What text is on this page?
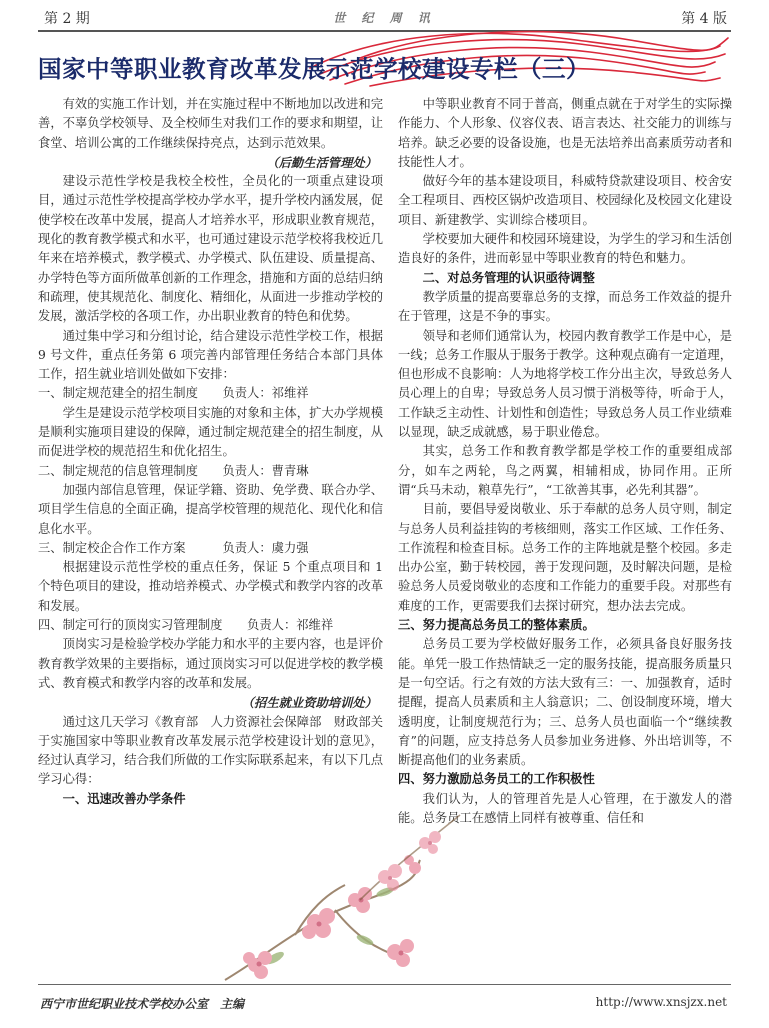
第 2 期	世 纪 周 讯	第 4 版
国家中等职业教育改革发展示范学校建设专栏（三）

有效的实施工作计划，并在实施过程中不断地加以改进和完善，不辜负学校领导、及全校师生对我们工作的要求和期望，让食堂、培训公寓的工作继续保持亮点，达到示范效果。

（后勤生活管理处）

建设示范性学校是我校全校性，全员化的一项重点建设项目，通过示范性学校提高学校办学水平，提升学校内涵发展，促使学校在改革中发展，提高人才培养水平，形成职业教育规范，现化的教育教学模式和水平，也可通过建设示范学校将我校近几年来在培养模式，教学模式、办学模式、队伍建设、质量提高、办学特色等方面所做革创新的工作理念，措施和方面的总结归纳和疏理，使其规范化、制度化、精细化，从面进一步推动学校的发展，激活学校的各项工作，办出职业教育的特色和优势。

通过集中学习和分组讨论，结合建设示范性学校工作，根据 9 号文件，重点任务第 6 项完善内部管理任务结合本部门具体工作，招生就业培训处做如下安排：

一、制定规范建全的招生制度　　负责人：祁维祥

学生是建设示范学校项目实施的对象和主体，扩大办学规模是顺利实施项目建设的保障，通过制定规范建全的招生制度，从而促进学校的规范招生和优化招生。

二、制定规范的信息管理制度　　负责人：曹青琳

加强内部信息管理，保证学籍、资助、免学费、联合办学、项目学生信息的全面正确，提高学校管理的规范化、现代化和信息化水平。

三、制定校企合作工作方案　　　负责人：虞力强

根据建设示范性学校的重点任务，保证 5 个重点项目和 1 个特色项目的建设，推动培养模式、办学模式和教学内容的改革和发展。

四、制定可行的顶岗实习管理制度　　负责人：祁维祥

顶岗实习是检验学校办学能力和水平的主要内容，也是评价教育教学效果的主要指标，通过顶岗实习可以促进学校的教学模式、教育模式和教学内容的改革和发展。

（招生就业资助培训处）

通过这几天学习《教育部　人力资源社会保障部　财政部关于实施国家中等职业教育改革发展示范学校建设计划的意见》，经过认真学习，结合我们所做的工作实际联系起来，有以下几点学习心得：

一、迅速改善办学条件

中等职业教育不同于普高，侧重点就在于对学生的实际操作能力、个人形象、仪容仪表、语言表达、社交能力的训练与培养。缺乏必要的设备设施，也是无法培养出高素质劳动者和技能性人才。

做好今年的基本建设项目，科威特贷款建设项目、校舍安全工程项目、西校区锅炉改造项目、校园绿化及校园文化建设项目、新建教学、实训综合楼项目。

学校要加大硬件和校园环境建设，为学生的学习和生活创造良好的条件，进而彰显中等职业教育的特色和魅力。

二、对总务管理的认识亟待调整

教学质量的提高要靠总务的支撑，而总务工作效益的提升在于管理，这是不争的事实。

领导和老师们通常认为，校园内教育教学工作是中心，是一线；总务工作服从于服务于教学。这种观点确有一定道理，但也形成不良影响：人为地将学校工作分出主次，导致总务人员心理上的自卑；导致总务人员习惯于消极等待，听命于人，工作缺乏主动性、计划性和创造性；导致总务人员工作业绩难以显现，缺乏成就感，易于职业倦怠。

其实，总务工作和教育教学都是学校工作的重要组成部分，如车之两轮，鸟之两翼，相辅相成，协同作用。正所谓“兵马未动，粮草先行”，“工欲善其事，必先利其器”。

目前，要倡导爱岗敬业、乐于奉献的总务人员守则，制定与总务人员利益挂钩的考核细则，落实工作区域、工作任务、工作流程和检查目标。总务工作的主阵地就是整个校园。多走出办公室，勤于转校园，善于发现问题，及时解决问题，是检验总务人员爱岗敬业的态度和工作能力的重要手段。对那些有难度的工作，更需要我们去探讨研究，想办法去完成。

三、努力提高总务员工的整体素质。

总务员工要为学校做好服务工作，必须具备良好服务技能。单凭一股工作热情缺乏一定的服务技能，提高服务质量只是一句空话。行之有效的方法大致有三：一、加强教育，适时提醒，提高人员素质和主人翁意识；二、创设制度环境，增大透明度，让制度规范行为；三、总务人员也面临一个“继续教育”的问题，应支持总务人员参加业务进修、外出培训等，不断提高他们的业务素质。

四、努力激励总务员工的工作积极性

我们认为，人的管理首先是人心管理，在于激发人的潜能。总务员工在感情上同样有被尊重、信任和

西宁市世纪职业技术学校办公室　主编	http://www.xnsjzx.net
